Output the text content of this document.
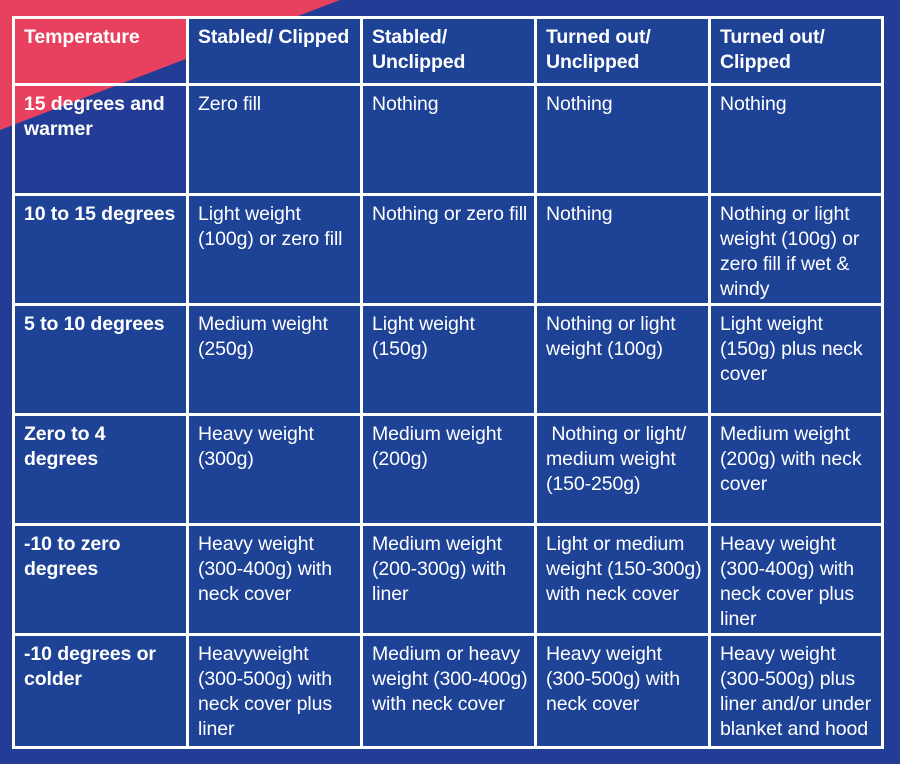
Temperature	Stabled/ Clipped	Stabled/ Unclipped	Turned out/ Unclipped	Turned out/ Clipped
15 degrees and warmer	Zero fill	Nothing	Nothing	Nothing
10 to 15 degrees	Light weight (100g) or zero fill	Nothing or zero fill	Nothing	Nothing or light weight (100g) or zero fill if wet & windy
5 to 10 degrees	Medium weight (250g)	Light weight (150g)	Nothing or light weight (100g)	Light weight (150g) plus neck cover
Zero to 4 degrees	Heavy weight (300g)	Medium weight (200g)	Nothing or light/ medium weight (150-250g)	Medium weight (200g) with neck cover
-10 to zero degrees	Heavy weight (300-400g) with neck cover	Medium weight (200-300g) with liner	Light or medium weight (150-300g) with neck cover	Heavy weight (300-400g) with neck cover plus liner
-10 degrees or colder	Heavyweight (300-500g) with neck cover plus liner	Medium or heavy weight (300-400g) with neck cover	Heavy weight (300-500g) with neck cover	Heavy weight (300-500g) plus liner and/or under blanket and hood
